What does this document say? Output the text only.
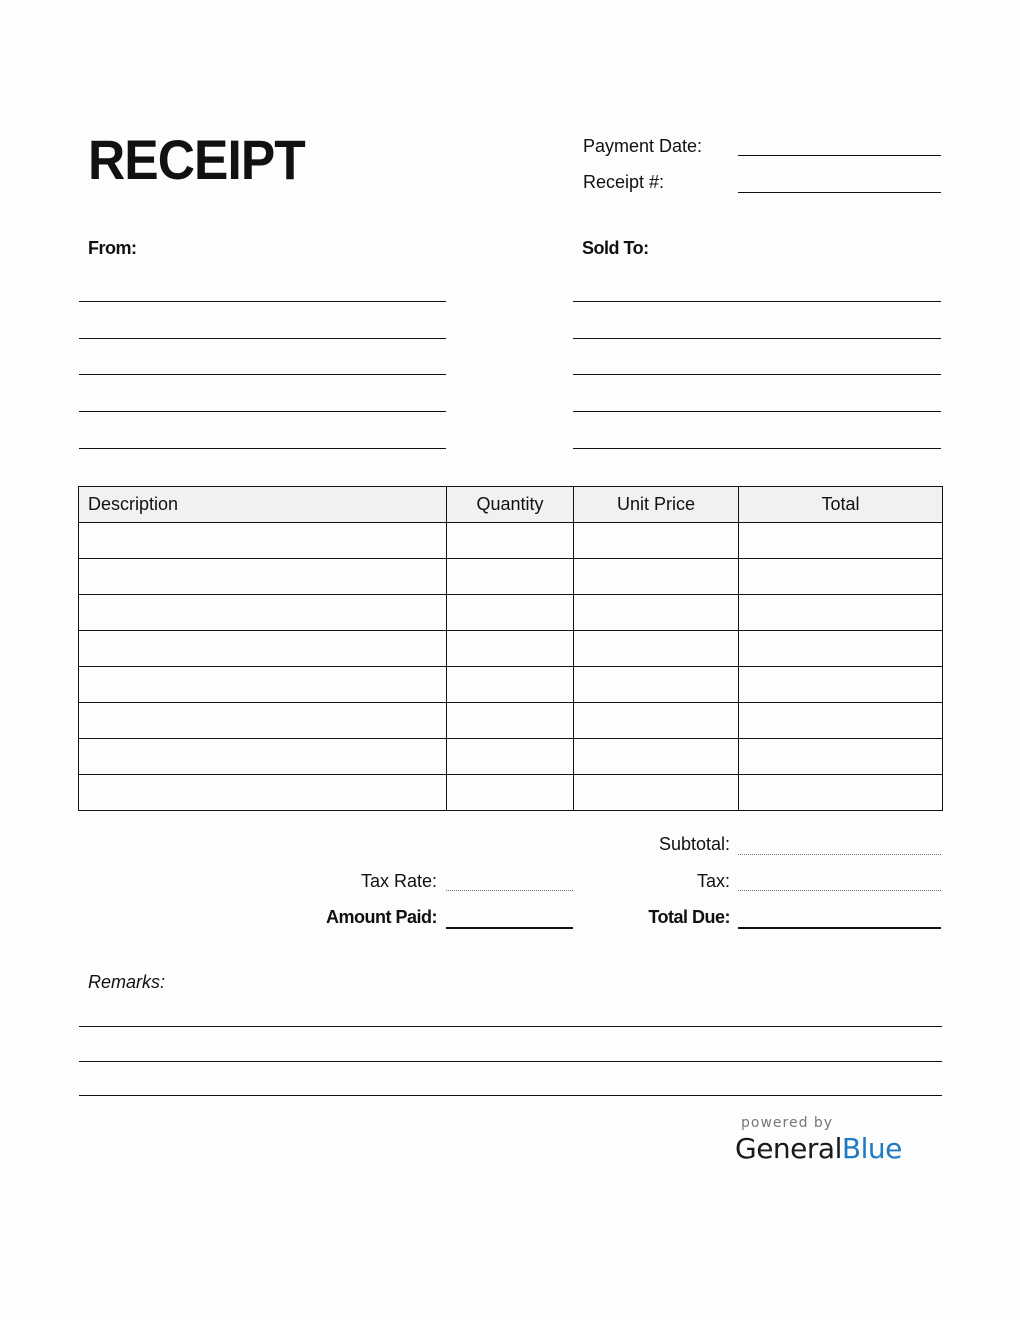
RECEIPT	Payment Date:
Receipt #:
From:	Sold To:
Description	Quantity	Unit Price	Total

Subtotal:
Tax Rate:	Tax:
Amount Paid:	Total Due:
Remarks:
powered by
GeneralBlue
